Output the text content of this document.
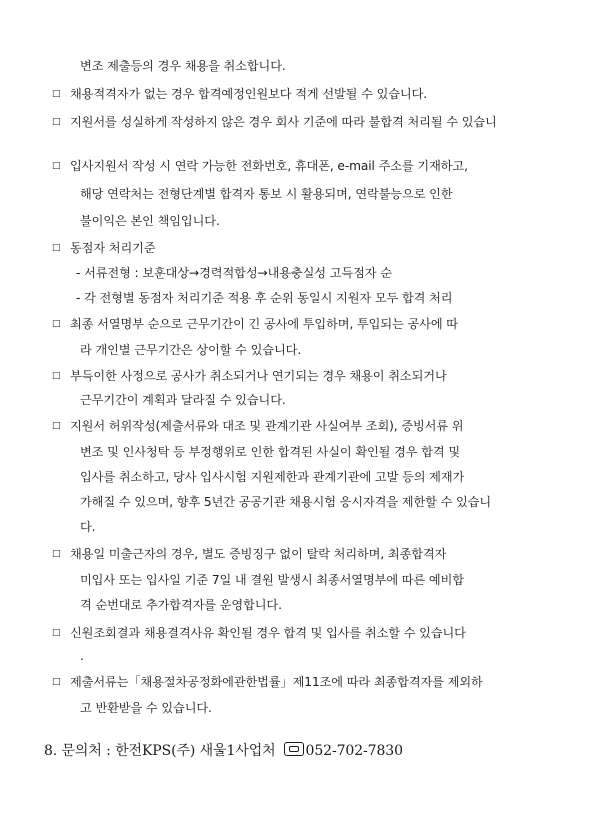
변조 제출등의 경우 채용을 취소합니다.
□ 채용적격자가 없는 경우 합격예정인원보다 적게 선발될 수 있습니다.
□ 지원서를 성실하게 작성하지 않은 경우 회사 기준에 따라 불합격 처리될 수 있습니
□ 입사지원서 작성 시 연락 가능한 전화번호, 휴대폰, e-mail 주소를 기재하고,
해당 연락처는 전형단계별 합격자 통보 시 활용되며, 연락불능으로 인한
불이익은 본인 책임입니다.
□ 동점자 처리기준
- 서류전형 : 보훈대상→경력적합성→내용충실성 고득점자 순
- 각 전형별 동점자 처리기준 적용 후 순위 동일시 지원자 모두 합격 처리
□ 최종 서열명부 순으로 근무기간이 긴 공사에 투입하며, 투입되는 공사에 따
라 개인별 근무기간은 상이할 수 있습니다.
□ 부득이한 사정으로 공사가 취소되거나 연기되는 경우 채용이 취소되거나
근무기간이 계획과 달라질 수 있습니다.
□ 지원서 허위작성(제출서류와 대조 및 관계기관 사실여부 조회), 증빙서류 위
변조 및 인사청탁 등 부정행위로 인한 합격된 사실이 확인될 경우 합격 및
입사를 취소하고, 당사 입사시험 지원제한과 관계기관에 고발 등의 제재가
가해질 수 있으며, 향후 5년간 공공기관 채용시험 응시자격을 제한할 수 있습니
다.
□ 채용일 미출근자의 경우, 별도 증빙징구 없이 탈락 처리하며, 최종합격자
미입사 또는 입사일 기준 7일 내 결원 발생시 최종서열명부에 따른 예비합
격 순번대로 추가합격자를 운영합니다.
□ 신원조회결과 채용결격사유 확인될 경우 합격 및 입사를 취소할 수 있습니다
.
□ 제출서류는「채용절차공정화에관한법률」제11조에 따라 최종합격자를 제외하
고 반환받을 수 있습니다.
8. 문의처 : 한전KPS(주) 새울1사업처 052-702-7830
